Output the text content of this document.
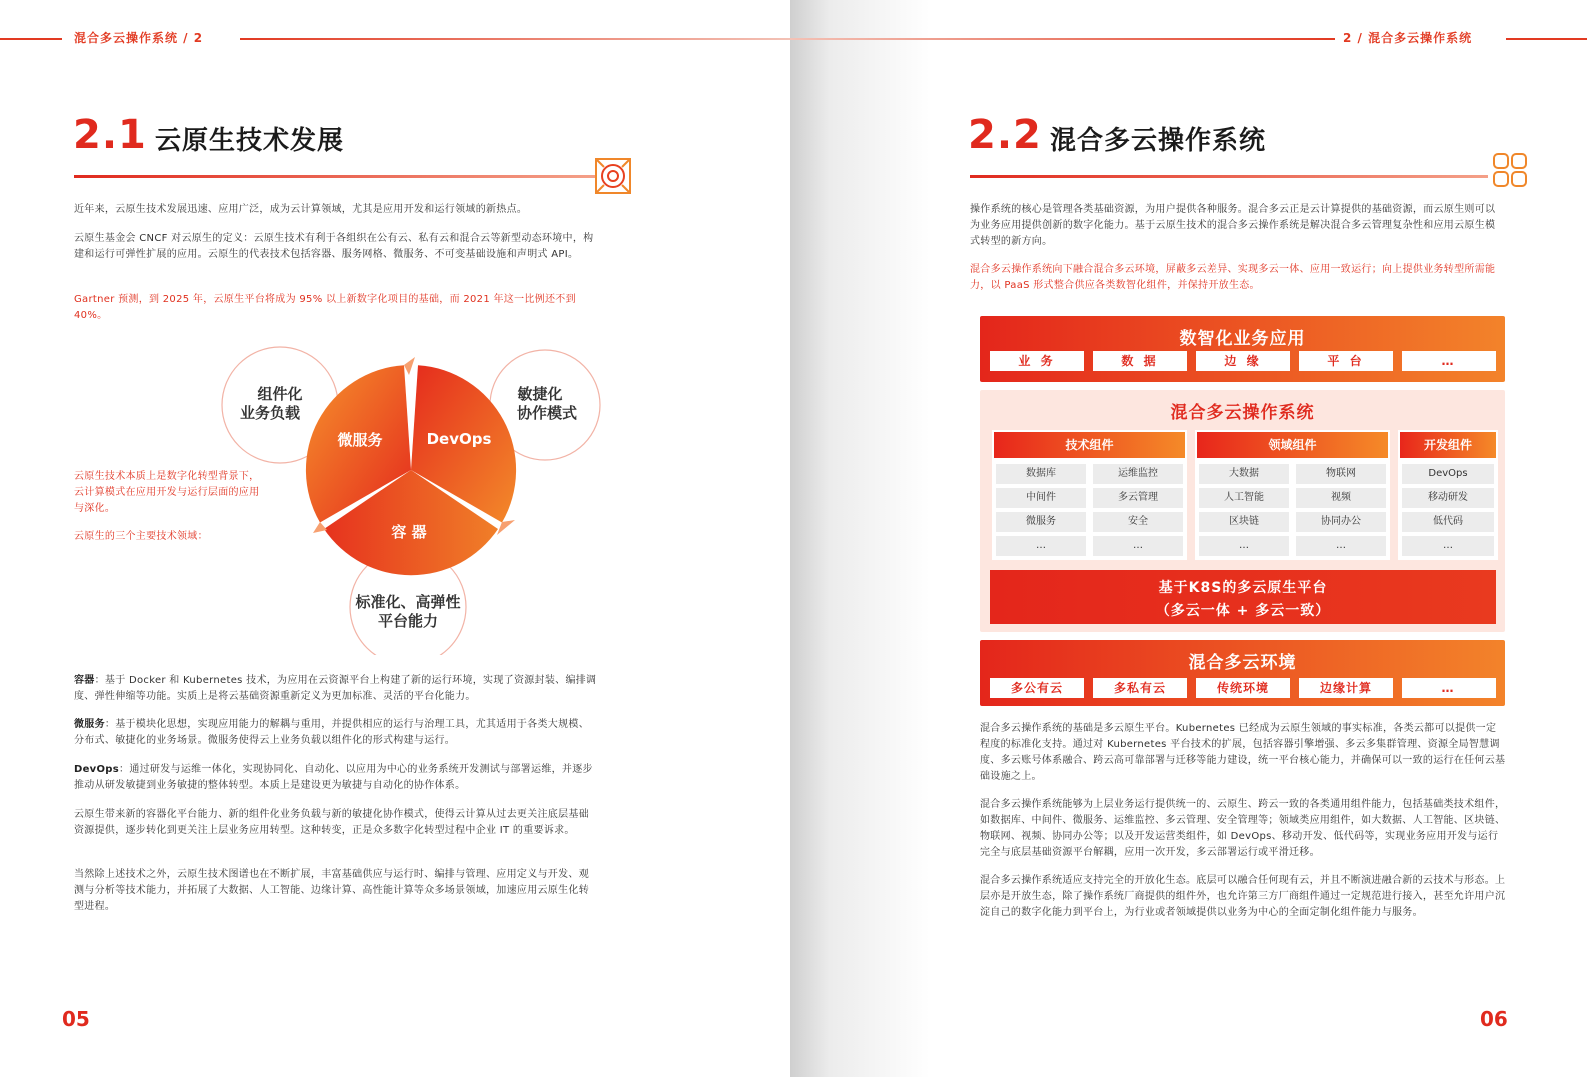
混合多云操作系统 / 2
2.1 云原生技术发展

近年来，云原生技术发展迅速、应用广泛，成为云计算领域，尤其是应用开发和运行领域的新热点。

云原生基金会 CNCF 对云原生的定义：云原生技术有利于各组织在公有云、私有云和混合云等新型动态环境中，构建和运行可弹性扩展的应用。云原生的代表技术包括容器、服务网格、微服务、不可变基础设施和声明式 API。

Gartner 预测，到 2025 年，云原生平台将成为 95% 以上新数字化项目的基础，而 2021 年这一比例还不到 40%。

云原生技术本质上是数字化转型背景下，云计算模式在应用开发与运行层面的应用与深化。

云原生的三个主要技术领域：

组件化
业务负载
敏捷化
协作模式
标准化、高弹性
平台能力
微服务	DevOps
容 器

容器：基于 Docker 和 Kubernetes 技术，为应用在云资源平台上构建了新的运行环境，实现了资源封装、编排调度、弹性伸缩等功能。实质上是将云基础资源重新定义为更加标准、灵活的平台化能力。

微服务：基于模块化思想，实现应用能力的解耦与重用，并提供相应的运行与治理工具，尤其适用于各类大规模、分布式、敏捷化的业务场景。微服务使得云上业务负载以组件化的形式构建与运行。

DevOps：通过研发与运维一体化，实现协同化、自动化、以应用为中心的业务系统开发测试与部署运维，并逐步推动从研发敏捷到业务敏捷的整体转型。本质上是建设更为敏捷与自动化的协作体系。

云原生带来新的容器化平台能力、新的组件化业务负载与新的敏捷化协作模式，使得云计算从过去更关注底层基础资源提供，逐步转化到更关注上层业务应用转型。这种转变，正是众多数字化转型过程中企业 IT 的重要诉求。

当然除上述技术之外，云原生技术图谱也在不断扩展，丰富基础供应与运行时、编排与管理、应用定义与开发、观测与分析等技术能力，并拓展了大数据、人工智能、边缘计算、高性能计算等众多场景领域，加速应用云原生化转型进程。

05
2 / 混合多云操作系统
2.2 混合多云操作系统

操作系统的核心是管理各类基础资源，为用户提供各种服务。混合多云正是云计算提供的基础资源，而云原生则可以为业务应用提供创新的数字化能力。基于云原生技术的混合多云操作系统是解决混合多云管理复杂性和应用云原生模式转型的新方向。

混合多云操作系统向下融合混合多云环境，屏蔽多云差异、实现多云一体、应用一致运行；向上提供业务转型所需能力，以 PaaS 形式整合供应各类数智化组件，并保持开放生态。

06
数智化业务应用
业 务	数 据	边 缘	平 台	…
混合多云操作系统
技术组件
数据库	运维监控
中间件	多云管理
微服务	安全
…	…
领域组件
大数据	物联网
人工智能	视频
区块链	协同办公
…	…
开发组件
DevOps
移动研发
低代码
…
基于K8S的多云原生平台
（多云一体 + 多云一致）
混合多云环境
多公有云	多私有云	传统环境	边缘计算	…

混合多云操作系统的基础是多云原生平台。Kubernetes 已经成为云原生领域的事实标准，各类云都可以提供一定程度的标准化支持。通过对 Kubernetes 平台技术的扩展，包括容器引擎增强、多云多集群管理、资源全局智慧调度、多云账号体系融合、跨云高可靠部署与迁移等能力建设，统一平台核心能力，并确保可以一致的运行在任何云基础设施之上。

混合多云操作系统能够为上层业务运行提供统一的、云原生、跨云一致的各类通用组件能力，包括基础类技术组件，如数据库、中间件、微服务、运维监控、多云管理、安全管理等；领域类应用组件，如大数据、人工智能、区块链、物联网、视频、协同办公等；以及开发运营类组件，如 DevOps、移动开发、低代码等，实现业务应用开发与运行完全与底层基础资源平台解耦，应用一次开发，多云部署运行或平滑迁移。

混合多云操作系统适应支持完全的开放化生态。底层可以融合任何现有云，并且不断演进融合新的云技术与形态。上层亦是开放生态，除了操作系统厂商提供的组件外，也允许第三方厂商组件通过一定规范进行接入，甚至允许用户沉淀自己的数字化能力到平台上，为行业或者领域提供以业务为中心的全面定制化组件能力与服务。
